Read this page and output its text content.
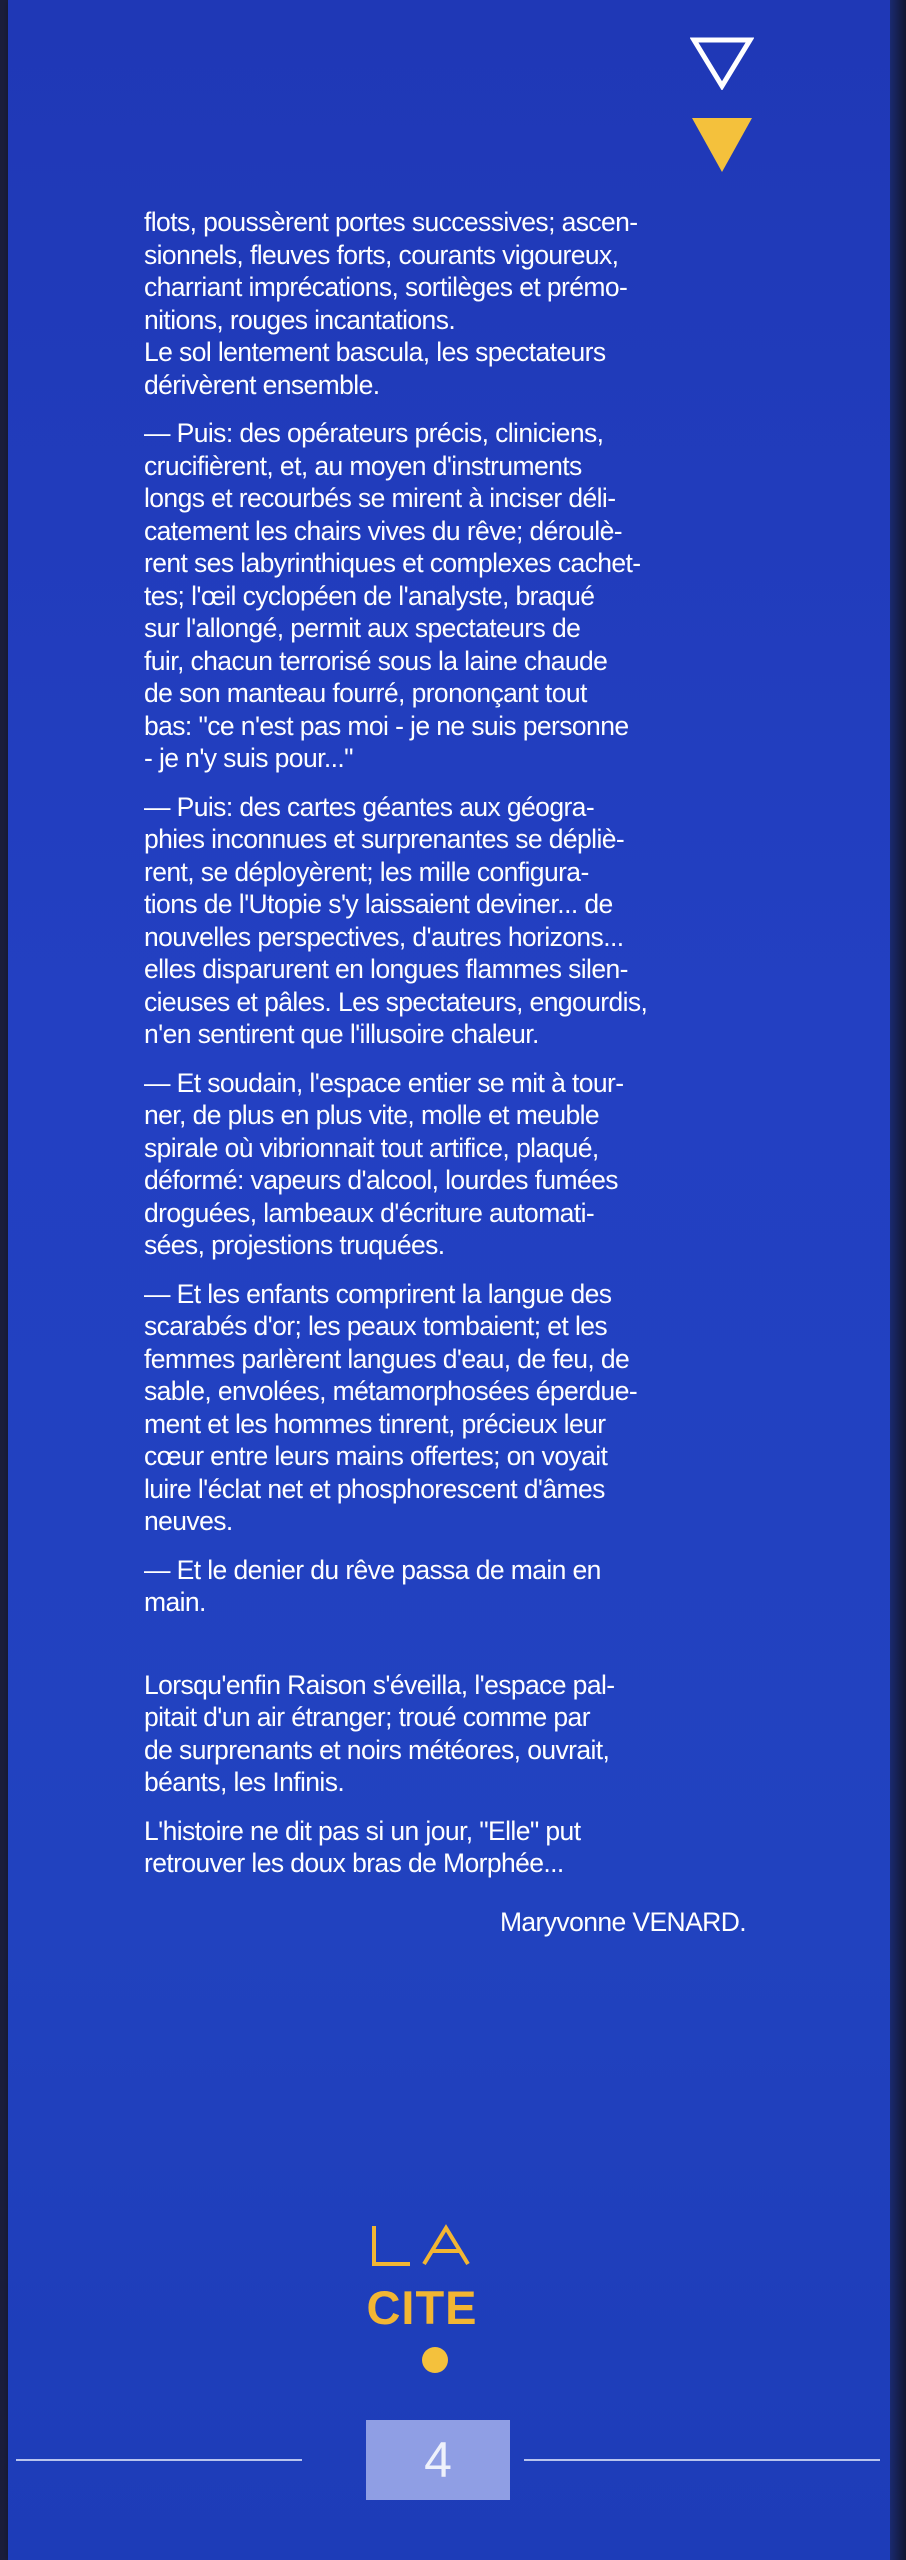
flots, poussèrent portes successives; ascen-
sionnels, fleuves forts, courants vigoureux,
charriant imprécations, sortilèges et prémo-
nitions, rouges incantations.

Le sol lentement bascula, les spectateurs
dérivèrent ensemble.

— Puis: des opérateurs précis, cliniciens,
crucifièrent, et, au moyen d'instruments
longs et recourbés se mirent à inciser déli-
catement les chairs vives du rêve; déroulè-
rent ses labyrinthiques et complexes cachet-
tes; l'œil cyclopéen de l'analyste, braqué
sur l'allongé, permit aux spectateurs de
fuir, chacun terrorisé sous la laine chaude
de son manteau fourré, prononçant tout
bas: "ce n'est pas moi - je ne suis personne
- je n'y suis pour..."

— Puis: des cartes géantes aux géogra-
phies inconnues et surprenantes se dépliè-
rent, se déployèrent; les mille configura-
tions de l'Utopie s'y laissaient deviner... de
nouvelles perspectives, d'autres horizons...
elles disparurent en longues flammes silen-
cieuses et pâles. Les spectateurs, engourdis,
n'en sentirent que l'illusoire chaleur.

— Et soudain, l'espace entier se mit à tour-
ner, de plus en plus vite, molle et meuble
spirale où vibrionnait tout artifice, plaqué,
déformé: vapeurs d'alcool, lourdes fumées
droguées, lambeaux d'écriture automati-
sées, projestions truquées.

— Et les enfants comprirent la langue des
scarabés d'or; les peaux tombaient; et les
femmes parlèrent langues d'eau, de feu, de
sable, envolées, métamorphosées éperdue-
ment et les hommes tinrent, précieux leur
cœur entre leurs mains offertes; on voyait
luire l'éclat net et phosphorescent d'âmes
neuves.

— Et le denier du rêve passa de main en
main.

Lorsqu'enfin Raison s'éveilla, l'espace pal-
pitait d'un air étranger; troué comme par
de surprenants et noirs météores, ouvrait,
béants, les Infinis.

L'histoire ne dit pas si un jour, "Elle" put
retrouver les doux bras de Morphée...

Maryvonne VENARD.

CITE
4
